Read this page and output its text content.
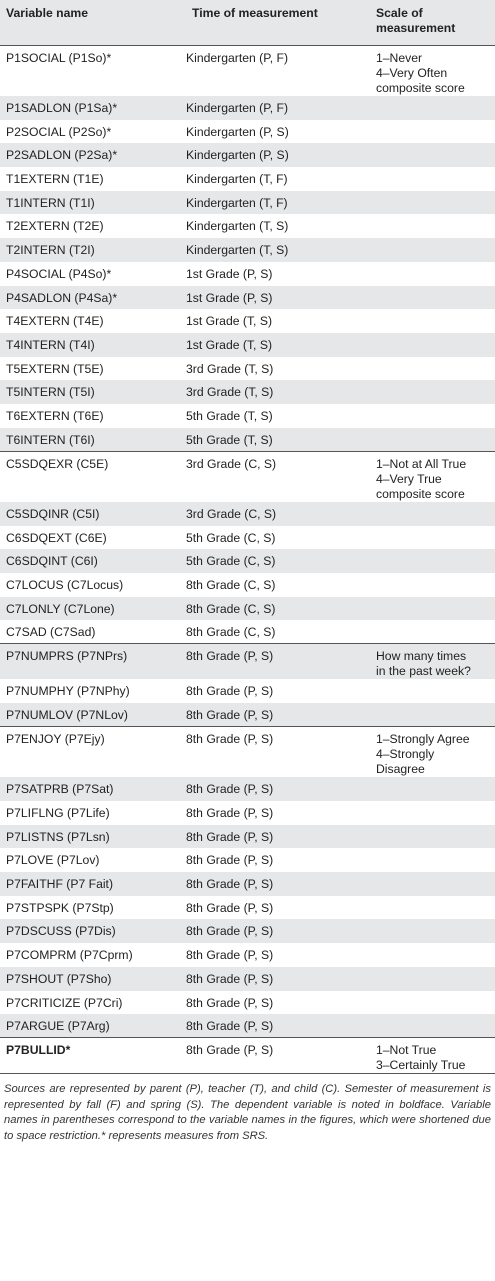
Variable name	Time of measurement	Scale of measurement
P1SOCIAL (P1So)*	Kindergarten (P, F)	1–Never
4–Very Often
composite score

P1SADLON (P1Sa)*	Kindergarten (P, F)	
P2SOCIAL (P2So)*	Kindergarten (P, S)	
P2SADLON (P2Sa)*	Kindergarten (P, S)	
T1EXTERN (T1E)	Kindergarten (T, F)	
T1INTERN (T1I)	Kindergarten (T, F)	
T2EXTERN (T2E)	Kindergarten (T, S)	
T2INTERN (T2I)	Kindergarten (T, S)	
P4SOCIAL (P4So)*	1st Grade (P, S)	
P4SADLON (P4Sa)*	1st Grade (P, S)	
T4EXTERN (T4E)	1st Grade (T, S)	
T4INTERN (T4I)	1st Grade (T, S)	
T5EXTERN (T5E)	3rd Grade (T, S)	
T5INTERN (T5I)	3rd Grade (T, S)	
T6EXTERN (T6E)	5th Grade (T, S)	
T6INTERN (T6I)	5th Grade (T, S)	
C5SDQEXR (C5E)	3rd Grade (C, S)	1–Not at All True
4–Very True
composite score

C5SDQINR (C5I)	3rd Grade (C, S)	
C6SDQEXT (C6E)	5th Grade (C, S)	
C6SDQINT (C6I)	5th Grade (C, S)	
C7LOCUS (C7Locus)	8th Grade (C, S)	
C7LONLY (C7Lone)	8th Grade (C, S)	
C7SAD (C7Sad)	8th Grade (C, S)	
P7NUMPRS (P7NPrs)	8th Grade (P, S)	How many times
in the past week?

P7NUMPHY (P7NPhy)	8th Grade (P, S)	
P7NUMLOV (P7NLov)	8th Grade (P, S)	
P7ENJOY (P7Ejy)	8th Grade (P, S)	1–Strongly Agree
4–Strongly
Disagree

P7SATPRB (P7Sat)	8th Grade (P, S)	
P7LIFLNG (P7Life)	8th Grade (P, S)	
P7LISTNS (P7Lsn)	8th Grade (P, S)	
P7LOVE (P7Lov)	8th Grade (P, S)	
P7FAITHF (P7 Fait)	8th Grade (P, S)	
P7STPSPK (P7Stp)	8th Grade (P, S)	
P7DSCUSS (P7Dis)	8th Grade (P, S)	
P7COMPRM (P7Cprm)	8th Grade (P, S)	
P7SHOUT (P7Sho)	8th Grade (P, S)	
P7CRITICIZE (P7Cri)	8th Grade (P, S)	
P7ARGUE (P7Arg)	8th Grade (P, S)	
P7BULLID*	8th Grade (P, S)	1–Not True
3–Certainly True
Sources are represented by parent (P), teacher (T), and child (C). Semester of measurement is represented by fall (F) and spring (S). The dependent variable is noted in boldface. Variable names in parentheses correspond to the variable names in the figures, which were shortened due to space restriction.* represents measures from SRS.
